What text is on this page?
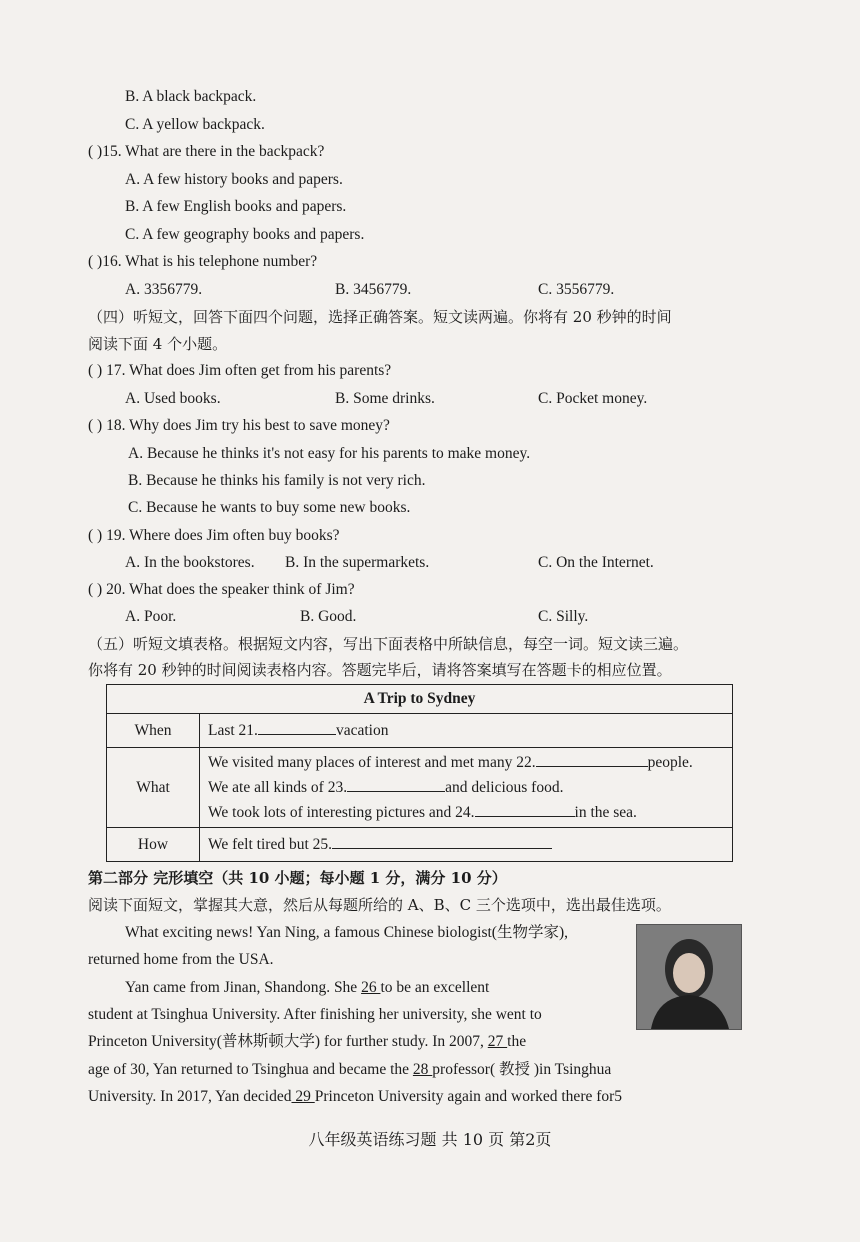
B. A black backpack.
C. A yellow backpack.
( )15. What are there in the backpack?
A. A few history books and papers.
B. A few English books and papers.
C. A few geography books and papers.
( )16. What is his telephone number?
A. 3356779.	B. 3456779.	C. 3556779.
（四）听短文，回答下面四个问题，选择正确答案。短文读两遍。你将有 20 秒钟的时间
阅读下面 4 个小题。
( ) 17. What does Jim often get from his parents?
A. Used books.	B. Some drinks.	C. Pocket money.
( ) 18. Why does Jim try his best to save money?
A. Because he thinks it's not easy for his parents to make money.
B. Because he thinks his family is not very rich.
C. Because he wants to buy some new books.
( ) 19. Where does Jim often buy books?
A. In the bookstores. B. In the supermarkets.	C. On the Internet.
( ) 20. What does the speaker think of Jim?
A. Poor.	B. Good.	C. Silly.
（五）听短文填表格。根据短文内容，写出下面表格中所缺信息，每空一词。短文读三遍。
你将有 20 秒钟的时间阅读表格内容。答题完毕后，请将答案填写在答题卡的相应位置。
A Trip to Sydney	
When	Last 21. vacation
What	We visited many places of interest and met many 22. people.
We ate all kinds of 23. and delicious food.
We took lots of interesting pictures and 24. in the sea.

How	We felt tired but 25.
第二部分 完形填空（共 10 小题；每小题 1 分，满分 10 分）
阅读下面短文，掌握其大意，然后从每题所给的 A、B、C 三个选项中，选出最佳选项。
What exciting news! Yan Ning, a famous Chinese biologist(生物学家),
returned home from the USA.
Yan came from Jinan, Shandong. She 26 to be an excellent
student at Tsinghua University. After finishing her university, she went to
Princeton University(普林斯顿大学) for further study. In 2007, 27 the
age of 30, Yan returned to Tsinghua and became the 28 professor( 教授 )in Tsinghua
University. In 2017, Yan decided 29 Princeton University again and worked there for5
八年级英语练习题 共 10 页 第2页
